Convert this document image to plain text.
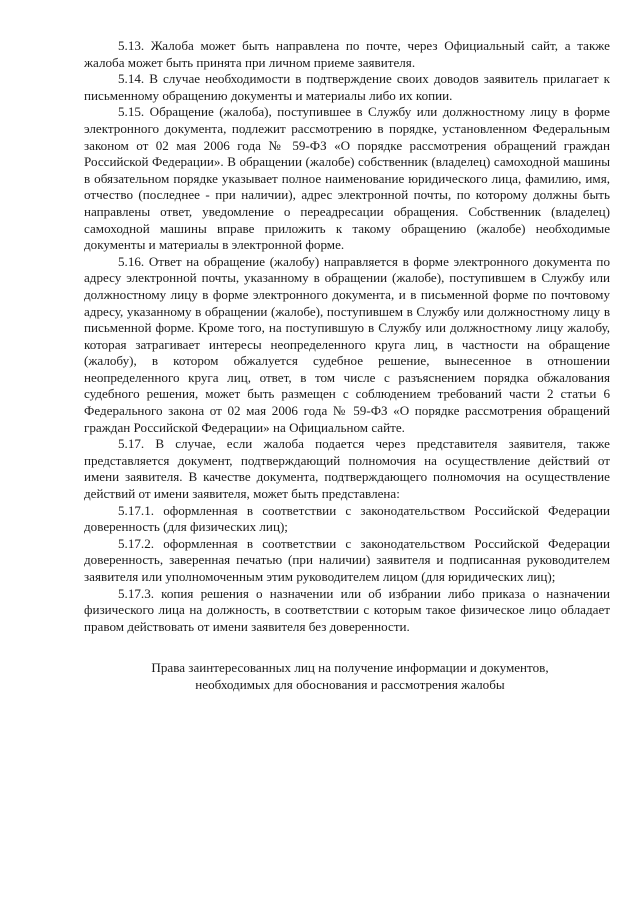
5.13. Жалоба может быть направлена по почте, через Официальный сайт, а также жалоба может быть принята при личном приеме заявителя.

5.14. В случае необходимости в подтверждение своих доводов заявитель прилагает к письменному обращению документы и материалы либо их копии.

5.15. Обращение (жалоба), поступившее в Службу или должностному лицу в форме электронного документа, подлежит рассмотрению в порядке, установленном Федеральным законом от 02 мая 2006 года № 59-ФЗ «О порядке рассмотрения обращений граждан Российской Федерации». В обращении (жалобе) собственник (владелец) самоходной машины в обязательном порядке указывает полное наименование юридического лица, фамилию, имя, отчество (последнее - при наличии), адрес электронной почты, по которому должны быть направлены ответ, уведомление о переадресации обращения. Собственник (владелец) самоходной машины вправе приложить к такому обращению (жалобе) необходимые документы и материалы в электронной форме.

5.16. Ответ на обращение (жалобу) направляется в форме электронного документа по адресу электронной почты, указанному в обращении (жалобе), поступившем в Службу или должностному лицу в форме электронного документа, и в письменной форме по почтовому адресу, указанному в обращении (жалобе), поступившем в Службу или должностному лицу в письменной форме. Кроме того, на поступившую в Службу или должностному лицу жалобу, которая затрагивает интересы неопределенного круга лиц, в частности на обращение (жалобу), в котором обжалуется судебное решение, вынесенное в отношении неопределенного круга лиц, ответ, в том числе с разъяснением порядка обжалования судебного решения, может быть размещен с соблюдением требований части 2 статьи 6 Федерального закона от 02 мая 2006 года № 59-ФЗ «О порядке рассмотрения обращений граждан Российской Федерации» на Официальном сайте.

5.17. В случае, если жалоба подается через представителя заявителя, также представляется документ, подтверждающий полномочия на осуществление действий от имени заявителя. В качестве документа, подтверждающего полномочия на осуществление действий от имени заявителя, может быть представлена:

5.17.1. оформленная в соответствии с законодательством Российской Федерации доверенность (для физических лиц);

5.17.2. оформленная в соответствии с законодательством Российской Федерации доверенность, заверенная печатью (при наличии) заявителя и подписанная руководителем заявителя или уполномоченным этим руководителем лицом (для юридических лиц);

5.17.3. копия решения о назначении или об избрании либо приказа о назначении физического лица на должность, в соответствии с которым такое физическое лицо обладает правом действовать от имени заявителя без доверенности.

Права заинтересованных лиц на получение информации и документов,
необходимых для обоснования и рассмотрения жалобы
